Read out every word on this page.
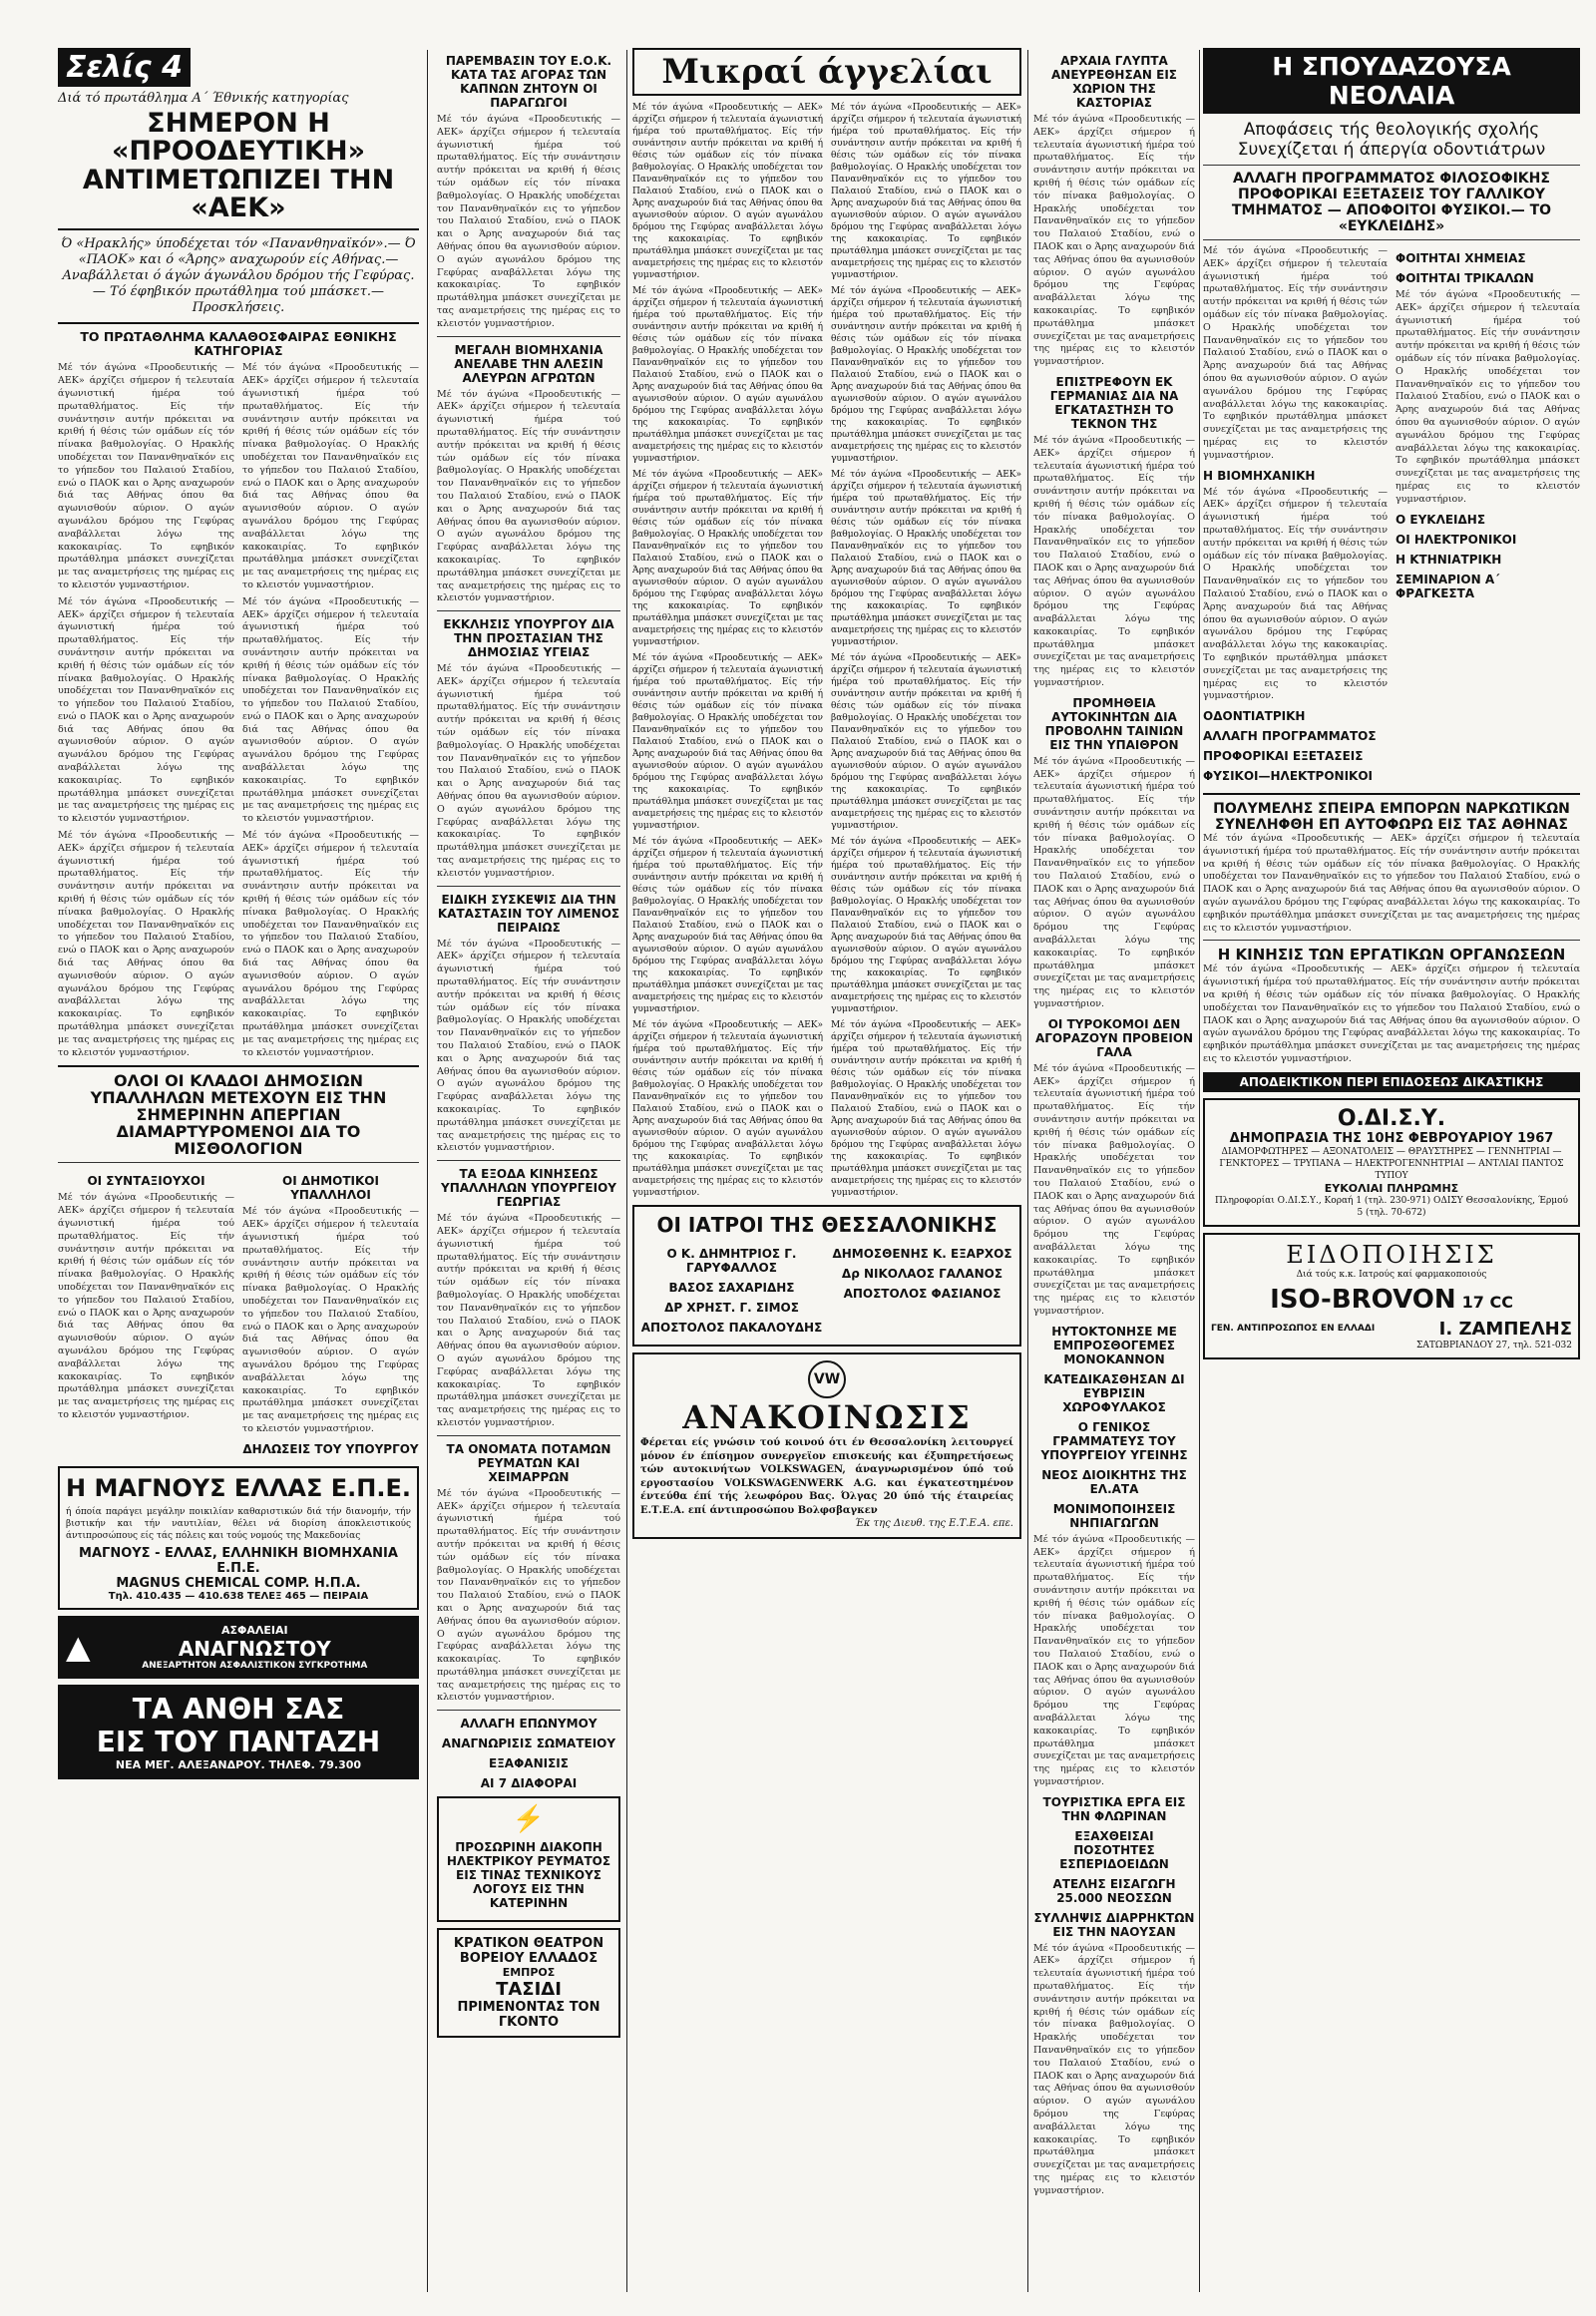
Σελίς 4
Διά τό πρωτάθλημα Α΄ Έθνικής κατηγορίας
ΣΗΜΕΡΟΝ Η «ΠΡΟΟΔΕΥΤΙΚΗ» ΑΝΤΙΜΕΤΩΠΙΖΕΙ ΤΗΝ «ΑΕΚ»
Ό «Ηρακλής» ύποδέχεται τόν «Πανανθηναϊκόν».— Ό «ΠΑΟΚ» και ό «Άρης» αναχωρούν είς Αθήνας.— Αναβάλλεται ό άγών άγωνάλου δρόμου τής Γεφύρας.— Τό έφηβικόν πρωτάθλημα τού μπάσκετ.— Προσκλήσεις.
ΤΟ ΠΡΩΤΑΘΛΗΜΑ ΚΑΛΑΘΟΣΦΑΙΡΑΣ ΕΘΝΙΚΗΣ ΚΑΤΗΓΟΡΙΑΣ
Μέ τόν άγώνα «Προοδευτικής — ΑΕΚ» άρχίζει σήμερον ή τελευταία άγωνιστική ήμέρα τού πρωταθλήματος. Είς τήν συνάντησιν αυτήν πρόκειται να κριθή ή θέσις τών ομάδων είς τόν πίνακα βαθμολογίας. Ο Ηρακλής υποδέχεται τον Πανανθηναϊκόν εις το γήπεδον του Παλαιού Σταδίου, ενώ ο ΠΑΟΚ και ο Άρης αναχωρούν διά τας Αθήνας όπου θα αγωνισθούν αύριον. Ο αγών αγωνάλου δρόμου της Γεφύρας αναβάλλεται λόγω της κακοκαιρίας. Το εφηβικόν πρωτάθλημα μπάσκετ συνεχίζεται με τας αναμετρήσεις της ημέρας εις το κλειστόν γυμναστήριον.
Μέ τόν άγώνα «Προοδευτικής — ΑΕΚ» άρχίζει σήμερον ή τελευταία άγωνιστική ήμέρα τού πρωταθλήματος. Είς τήν συνάντησιν αυτήν πρόκειται να κριθή ή θέσις τών ομάδων είς τόν πίνακα βαθμολογίας. Ο Ηρακλής υποδέχεται τον Πανανθηναϊκόν εις το γήπεδον του Παλαιού Σταδίου, ενώ ο ΠΑΟΚ και ο Άρης αναχωρούν διά τας Αθήνας όπου θα αγωνισθούν αύριον. Ο αγών αγωνάλου δρόμου της Γεφύρας αναβάλλεται λόγω της κακοκαιρίας. Το εφηβικόν πρωτάθλημα μπάσκετ συνεχίζεται με τας αναμετρήσεις της ημέρας εις το κλειστόν γυμναστήριον.
Μέ τόν άγώνα «Προοδευτικής — ΑΕΚ» άρχίζει σήμερον ή τελευταία άγωνιστική ήμέρα τού πρωταθλήματος. Είς τήν συνάντησιν αυτήν πρόκειται να κριθή ή θέσις τών ομάδων είς τόν πίνακα βαθμολογίας. Ο Ηρακλής υποδέχεται τον Πανανθηναϊκόν εις το γήπεδον του Παλαιού Σταδίου, ενώ ο ΠΑΟΚ και ο Άρης αναχωρούν διά τας Αθήνας όπου θα αγωνισθούν αύριον. Ο αγών αγωνάλου δρόμου της Γεφύρας αναβάλλεται λόγω της κακοκαιρίας. Το εφηβικόν πρωτάθλημα μπάσκετ συνεχίζεται με τας αναμετρήσεις της ημέρας εις το κλειστόν γυμναστήριον.
Μέ τόν άγώνα «Προοδευτικής — ΑΕΚ» άρχίζει σήμερον ή τελευταία άγωνιστική ήμέρα τού πρωταθλήματος. Είς τήν συνάντησιν αυτήν πρόκειται να κριθή ή θέσις τών ομάδων είς τόν πίνακα βαθμολογίας. Ο Ηρακλής υποδέχεται τον Πανανθηναϊκόν εις το γήπεδον του Παλαιού Σταδίου, ενώ ο ΠΑΟΚ και ο Άρης αναχωρούν διά τας Αθήνας όπου θα αγωνισθούν αύριον. Ο αγών αγωνάλου δρόμου της Γεφύρας αναβάλλεται λόγω της κακοκαιρίας. Το εφηβικόν πρωτάθλημα μπάσκετ συνεχίζεται με τας αναμετρήσεις της ημέρας εις το κλειστόν γυμναστήριον.
Μέ τόν άγώνα «Προοδευτικής — ΑΕΚ» άρχίζει σήμερον ή τελευταία άγωνιστική ήμέρα τού πρωταθλήματος. Είς τήν συνάντησιν αυτήν πρόκειται να κριθή ή θέσις τών ομάδων είς τόν πίνακα βαθμολογίας. Ο Ηρακλής υποδέχεται τον Πανανθηναϊκόν εις το γήπεδον του Παλαιού Σταδίου, ενώ ο ΠΑΟΚ και ο Άρης αναχωρούν διά τας Αθήνας όπου θα αγωνισθούν αύριον. Ο αγών αγωνάλου δρόμου της Γεφύρας αναβάλλεται λόγω της κακοκαιρίας. Το εφηβικόν πρωτάθλημα μπάσκετ συνεχίζεται με τας αναμετρήσεις της ημέρας εις το κλειστόν γυμναστήριον.
Μέ τόν άγώνα «Προοδευτικής — ΑΕΚ» άρχίζει σήμερον ή τελευταία άγωνιστική ήμέρα τού πρωταθλήματος. Είς τήν συνάντησιν αυτήν πρόκειται να κριθή ή θέσις τών ομάδων είς τόν πίνακα βαθμολογίας. Ο Ηρακλής υποδέχεται τον Πανανθηναϊκόν εις το γήπεδον του Παλαιού Σταδίου, ενώ ο ΠΑΟΚ και ο Άρης αναχωρούν διά τας Αθήνας όπου θα αγωνισθούν αύριον. Ο αγών αγωνάλου δρόμου της Γεφύρας αναβάλλεται λόγω της κακοκαιρίας. Το εφηβικόν πρωτάθλημα μπάσκετ συνεχίζεται με τας αναμετρήσεις της ημέρας εις το κλειστόν γυμναστήριον.
ΟΛΟΙ ΟΙ ΚΛΑΔΟΙ ΔΗΜΟΣΙΩΝ ΥΠΑΛΛΗΛΩΝ ΜΕΤΕΧΟΥΝ ΕΙΣ ΤΗΝ ΣΗΜΕΡΙΝΗΝ ΑΠΕΡΓΙΑΝ ΔΙΑΜΑΡΤΥΡΟΜΕΝΟΙ ΔΙΑ ΤΟ ΜΙΣΘΟΛΟΓΙΟΝ
ΟΙ ΣΥΝΤΑΞΙΟΥΧΟΙ
Μέ τόν άγώνα «Προοδευτικής — ΑΕΚ» άρχίζει σήμερον ή τελευταία άγωνιστική ήμέρα τού πρωταθλήματος. Είς τήν συνάντησιν αυτήν πρόκειται να κριθή ή θέσις τών ομάδων είς τόν πίνακα βαθμολογίας. Ο Ηρακλής υποδέχεται τον Πανανθηναϊκόν εις το γήπεδον του Παλαιού Σταδίου, ενώ ο ΠΑΟΚ και ο Άρης αναχωρούν διά τας Αθήνας όπου θα αγωνισθούν αύριον. Ο αγών αγωνάλου δρόμου της Γεφύρας αναβάλλεται λόγω της κακοκαιρίας. Το εφηβικόν πρωτάθλημα μπάσκετ συνεχίζεται με τας αναμετρήσεις της ημέρας εις το κλειστόν γυμναστήριον.
ΟΙ ΔΗΜΟΤΙΚΟΙ ΥΠΑΛΛΗΛΟΙ
Μέ τόν άγώνα «Προοδευτικής — ΑΕΚ» άρχίζει σήμερον ή τελευταία άγωνιστική ήμέρα τού πρωταθλήματος. Είς τήν συνάντησιν αυτήν πρόκειται να κριθή ή θέσις τών ομάδων είς τόν πίνακα βαθμολογίας. Ο Ηρακλής υποδέχεται τον Πανανθηναϊκόν εις το γήπεδον του Παλαιού Σταδίου, ενώ ο ΠΑΟΚ και ο Άρης αναχωρούν διά τας Αθήνας όπου θα αγωνισθούν αύριον. Ο αγών αγωνάλου δρόμου της Γεφύρας αναβάλλεται λόγω της κακοκαιρίας. Το εφηβικόν πρωτάθλημα μπάσκετ συνεχίζεται με τας αναμετρήσεις της ημέρας εις το κλειστόν γυμναστήριον.
ΔΗΛΩΣΕΙΣ ΤΟΥ ΥΠΟΥΡΓΟΥ
Η ΜΑΓΝΟΥΣ ΕΛΛΑΣ Ε.Π.Ε.
ή όποία παράγει μεγάλην ποικιλίαν καθαριστικών διά τήν διανομήν, τήν βιστικήν και τήν ναυτιλίαν, θέλει νά διορίση άποκλειστικούς άντιπροσώπους είς τάς πόλεις και τούς νομούς της Μακεδονίας
ΜΑΓΝΟΥΣ - ΕΛΛΑΣ, ΕΛΛΗΝΙΚΗ ΒΙΟΜΗΧΑΝΙΑ Ε.Π.Ε.
MAGNUS CHEMICAL COMP. Η.Π.Α.
Τηλ. 410.435 — 410.638 ΤΕΛΕΞ 465 — ΠΕΙΡΑΙΑ
▲	ΑΣΦΑΛΕΙΑΙ
ΑΝΑΓΝΩΣΤΟΥ
ΑΝΕΞΑΡΤΗΤΟΝ ΑΣΦΑΛΙΣΤΙΚΟΝ ΣΥΓΚΡΟΤΗΜΑ
ΤΑ ΑΝΘΗ ΣΑΣ
ΕΙΣ ΤΟΥ ΠΑΝΤΑΖΗ
ΝΕΑ ΜΕΓ. ΑΛΕΞΑΝΔΡΟΥ. ΤΗΛΕΦ. 79.300
ΠΑΡΕΜΒΑΣΙΝ ΤΟΥ Ε.Ο.Κ. ΚΑΤΑ ΤΑΣ ΑΓΟΡΑΣ ΤΩΝ ΚΑΠΝΩΝ ΖΗΤΟΥΝ ΟΙ ΠΑΡΑΓΩΓΟΙ
Μέ τόν άγώνα «Προοδευτικής — ΑΕΚ» άρχίζει σήμερον ή τελευταία άγωνιστική ήμέρα τού πρωταθλήματος. Είς τήν συνάντησιν αυτήν πρόκειται να κριθή ή θέσις τών ομάδων είς τόν πίνακα βαθμολογίας. Ο Ηρακλής υποδέχεται τον Πανανθηναϊκόν εις το γήπεδον του Παλαιού Σταδίου, ενώ ο ΠΑΟΚ και ο Άρης αναχωρούν διά τας Αθήνας όπου θα αγωνισθούν αύριον. Ο αγών αγωνάλου δρόμου της Γεφύρας αναβάλλεται λόγω της κακοκαιρίας. Το εφηβικόν πρωτάθλημα μπάσκετ συνεχίζεται με τας αναμετρήσεις της ημέρας εις το κλειστόν γυμναστήριον.
ΜΕΓΑΛΗ ΒΙΟΜΗΧΑΝΙΑ ΑΝΕΛΑΒΕ ΤΗΝ ΑΛΕΣΙΝ ΑΛΕΥΡΩΝ ΑΓΡΩΤΩΝ
Μέ τόν άγώνα «Προοδευτικής — ΑΕΚ» άρχίζει σήμερον ή τελευταία άγωνιστική ήμέρα τού πρωταθλήματος. Είς τήν συνάντησιν αυτήν πρόκειται να κριθή ή θέσις τών ομάδων είς τόν πίνακα βαθμολογίας. Ο Ηρακλής υποδέχεται τον Πανανθηναϊκόν εις το γήπεδον του Παλαιού Σταδίου, ενώ ο ΠΑΟΚ και ο Άρης αναχωρούν διά τας Αθήνας όπου θα αγωνισθούν αύριον. Ο αγών αγωνάλου δρόμου της Γεφύρας αναβάλλεται λόγω της κακοκαιρίας. Το εφηβικόν πρωτάθλημα μπάσκετ συνεχίζεται με τας αναμετρήσεις της ημέρας εις το κλειστόν γυμναστήριον.
ΕΚΚΛΗΣΙΣ ΥΠΟΥΡΓΟΥ ΔΙΑ ΤΗΝ ΠΡΟΣΤΑΣΙΑΝ ΤΗΣ ΔΗΜΟΣΙΑΣ ΥΓΕΙΑΣ
Μέ τόν άγώνα «Προοδευτικής — ΑΕΚ» άρχίζει σήμερον ή τελευταία άγωνιστική ήμέρα τού πρωταθλήματος. Είς τήν συνάντησιν αυτήν πρόκειται να κριθή ή θέσις τών ομάδων είς τόν πίνακα βαθμολογίας. Ο Ηρακλής υποδέχεται τον Πανανθηναϊκόν εις το γήπεδον του Παλαιού Σταδίου, ενώ ο ΠΑΟΚ και ο Άρης αναχωρούν διά τας Αθήνας όπου θα αγωνισθούν αύριον. Ο αγών αγωνάλου δρόμου της Γεφύρας αναβάλλεται λόγω της κακοκαιρίας. Το εφηβικόν πρωτάθλημα μπάσκετ συνεχίζεται με τας αναμετρήσεις της ημέρας εις το κλειστόν γυμναστήριον.
ΕΙΔΙΚΗ ΣΥΣΚΕΨΙΣ ΔΙΑ ΤΗΝ ΚΑΤΑΣΤΑΣΙΝ ΤΟΥ ΛΙΜΕΝΟΣ ΠΕΙΡΑΙΩΣ
Μέ τόν άγώνα «Προοδευτικής — ΑΕΚ» άρχίζει σήμερον ή τελευταία άγωνιστική ήμέρα τού πρωταθλήματος. Είς τήν συνάντησιν αυτήν πρόκειται να κριθή ή θέσις τών ομάδων είς τόν πίνακα βαθμολογίας. Ο Ηρακλής υποδέχεται τον Πανανθηναϊκόν εις το γήπεδον του Παλαιού Σταδίου, ενώ ο ΠΑΟΚ και ο Άρης αναχωρούν διά τας Αθήνας όπου θα αγωνισθούν αύριον. Ο αγών αγωνάλου δρόμου της Γεφύρας αναβάλλεται λόγω της κακοκαιρίας. Το εφηβικόν πρωτάθλημα μπάσκετ συνεχίζεται με τας αναμετρήσεις της ημέρας εις το κλειστόν γυμναστήριον.
ΤΑ ΕΞΟΔΑ ΚΙΝΗΣΕΩΣ ΥΠΑΛΛΗΛΩΝ ΥΠΟΥΡΓΕΙΟΥ ΓΕΩΡΓΙΑΣ
Μέ τόν άγώνα «Προοδευτικής — ΑΕΚ» άρχίζει σήμερον ή τελευταία άγωνιστική ήμέρα τού πρωταθλήματος. Είς τήν συνάντησιν αυτήν πρόκειται να κριθή ή θέσις τών ομάδων είς τόν πίνακα βαθμολογίας. Ο Ηρακλής υποδέχεται τον Πανανθηναϊκόν εις το γήπεδον του Παλαιού Σταδίου, ενώ ο ΠΑΟΚ και ο Άρης αναχωρούν διά τας Αθήνας όπου θα αγωνισθούν αύριον. Ο αγών αγωνάλου δρόμου της Γεφύρας αναβάλλεται λόγω της κακοκαιρίας. Το εφηβικόν πρωτάθλημα μπάσκετ συνεχίζεται με τας αναμετρήσεις της ημέρας εις το κλειστόν γυμναστήριον.
ΤΑ ΟΝΟΜΑΤΑ ΠΟΤΑΜΩΝ ΡΕΥΜΑΤΩΝ ΚΑΙ ΧΕΙΜΑΡΡΩΝ
Μέ τόν άγώνα «Προοδευτικής — ΑΕΚ» άρχίζει σήμερον ή τελευταία άγωνιστική ήμέρα τού πρωταθλήματος. Είς τήν συνάντησιν αυτήν πρόκειται να κριθή ή θέσις τών ομάδων είς τόν πίνακα βαθμολογίας. Ο Ηρακλής υποδέχεται τον Πανανθηναϊκόν εις το γήπεδον του Παλαιού Σταδίου, ενώ ο ΠΑΟΚ και ο Άρης αναχωρούν διά τας Αθήνας όπου θα αγωνισθούν αύριον. Ο αγών αγωνάλου δρόμου της Γεφύρας αναβάλλεται λόγω της κακοκαιρίας. Το εφηβικόν πρωτάθλημα μπάσκετ συνεχίζεται με τας αναμετρήσεις της ημέρας εις το κλειστόν γυμναστήριον.
ΑΛΛΑΓΗ ΕΠΩΝΥΜΟΥ
ΑΝΑΓΝΩΡΙΣΙΣ ΣΩΜΑΤΕΙΟΥ
ΕΞΑΦΑΝΙΣΙΣ
ΑΙ 7 ΔΙΑΦΟΡΑΙ
⚡
ΠΡΟΣΩΡΙΝΗ ΔΙΑΚΟΠΗ ΗΛΕΚΤΡΙΚΟΥ ΡΕΥΜΑΤΟΣ ΕΙΣ ΤΙΝΑΣ ΤΕΧΝΙΚΟΥΣ ΛΟΓΟΥΣ ΕΙΣ ΤΗΝ ΚΑΤΕΡΙΝΗΝ
ΚΡΑΤΙΚΟΝ ΘΕΑΤΡΟΝ ΒΟΡΕΙΟΥ ΕΛΛΑΔΟΣ
ΕΜΠΡΟΣ
ΤΑΣΙΔΙ
ΠΡΙΜΕΝΟΝΤΑΣ ΤΟΝ ΓΚΟΝΤΟ
Μικραί άγγελίαι
Μέ τόν άγώνα «Προοδευτικής — ΑΕΚ» άρχίζει σήμερον ή τελευταία άγωνιστική ήμέρα τού πρωταθλήματος. Είς τήν συνάντησιν αυτήν πρόκειται να κριθή ή θέσις τών ομάδων είς τόν πίνακα βαθμολογίας. Ο Ηρακλής υποδέχεται τον Πανανθηναϊκόν εις το γήπεδον του Παλαιού Σταδίου, ενώ ο ΠΑΟΚ και ο Άρης αναχωρούν διά τας Αθήνας όπου θα αγωνισθούν αύριον. Ο αγών αγωνάλου δρόμου της Γεφύρας αναβάλλεται λόγω της κακοκαιρίας. Το εφηβικόν πρωτάθλημα μπάσκετ συνεχίζεται με τας αναμετρήσεις της ημέρας εις το κλειστόν γυμναστήριον.
Μέ τόν άγώνα «Προοδευτικής — ΑΕΚ» άρχίζει σήμερον ή τελευταία άγωνιστική ήμέρα τού πρωταθλήματος. Είς τήν συνάντησιν αυτήν πρόκειται να κριθή ή θέσις τών ομάδων είς τόν πίνακα βαθμολογίας. Ο Ηρακλής υποδέχεται τον Πανανθηναϊκόν εις το γήπεδον του Παλαιού Σταδίου, ενώ ο ΠΑΟΚ και ο Άρης αναχωρούν διά τας Αθήνας όπου θα αγωνισθούν αύριον. Ο αγών αγωνάλου δρόμου της Γεφύρας αναβάλλεται λόγω της κακοκαιρίας. Το εφηβικόν πρωτάθλημα μπάσκετ συνεχίζεται με τας αναμετρήσεις της ημέρας εις το κλειστόν γυμναστήριον.
Μέ τόν άγώνα «Προοδευτικής — ΑΕΚ» άρχίζει σήμερον ή τελευταία άγωνιστική ήμέρα τού πρωταθλήματος. Είς τήν συνάντησιν αυτήν πρόκειται να κριθή ή θέσις τών ομάδων είς τόν πίνακα βαθμολογίας. Ο Ηρακλής υποδέχεται τον Πανανθηναϊκόν εις το γήπεδον του Παλαιού Σταδίου, ενώ ο ΠΑΟΚ και ο Άρης αναχωρούν διά τας Αθήνας όπου θα αγωνισθούν αύριον. Ο αγών αγωνάλου δρόμου της Γεφύρας αναβάλλεται λόγω της κακοκαιρίας. Το εφηβικόν πρωτάθλημα μπάσκετ συνεχίζεται με τας αναμετρήσεις της ημέρας εις το κλειστόν γυμναστήριον.
Μέ τόν άγώνα «Προοδευτικής — ΑΕΚ» άρχίζει σήμερον ή τελευταία άγωνιστική ήμέρα τού πρωταθλήματος. Είς τήν συνάντησιν αυτήν πρόκειται να κριθή ή θέσις τών ομάδων είς τόν πίνακα βαθμολογίας. Ο Ηρακλής υποδέχεται τον Πανανθηναϊκόν εις το γήπεδον του Παλαιού Σταδίου, ενώ ο ΠΑΟΚ και ο Άρης αναχωρούν διά τας Αθήνας όπου θα αγωνισθούν αύριον. Ο αγών αγωνάλου δρόμου της Γεφύρας αναβάλλεται λόγω της κακοκαιρίας. Το εφηβικόν πρωτάθλημα μπάσκετ συνεχίζεται με τας αναμετρήσεις της ημέρας εις το κλειστόν γυμναστήριον.
Μέ τόν άγώνα «Προοδευτικής — ΑΕΚ» άρχίζει σήμερον ή τελευταία άγωνιστική ήμέρα τού πρωταθλήματος. Είς τήν συνάντησιν αυτήν πρόκειται να κριθή ή θέσις τών ομάδων είς τόν πίνακα βαθμολογίας. Ο Ηρακλής υποδέχεται τον Πανανθηναϊκόν εις το γήπεδον του Παλαιού Σταδίου, ενώ ο ΠΑΟΚ και ο Άρης αναχωρούν διά τας Αθήνας όπου θα αγωνισθούν αύριον. Ο αγών αγωνάλου δρόμου της Γεφύρας αναβάλλεται λόγω της κακοκαιρίας. Το εφηβικόν πρωτάθλημα μπάσκετ συνεχίζεται με τας αναμετρήσεις της ημέρας εις το κλειστόν γυμναστήριον.
Μέ τόν άγώνα «Προοδευτικής — ΑΕΚ» άρχίζει σήμερον ή τελευταία άγωνιστική ήμέρα τού πρωταθλήματος. Είς τήν συνάντησιν αυτήν πρόκειται να κριθή ή θέσις τών ομάδων είς τόν πίνακα βαθμολογίας. Ο Ηρακλής υποδέχεται τον Πανανθηναϊκόν εις το γήπεδον του Παλαιού Σταδίου, ενώ ο ΠΑΟΚ και ο Άρης αναχωρούν διά τας Αθήνας όπου θα αγωνισθούν αύριον. Ο αγών αγωνάλου δρόμου της Γεφύρας αναβάλλεται λόγω της κακοκαιρίας. Το εφηβικόν πρωτάθλημα μπάσκετ συνεχίζεται με τας αναμετρήσεις της ημέρας εις το κλειστόν γυμναστήριον.
Μέ τόν άγώνα «Προοδευτικής — ΑΕΚ» άρχίζει σήμερον ή τελευταία άγωνιστική ήμέρα τού πρωταθλήματος. Είς τήν συνάντησιν αυτήν πρόκειται να κριθή ή θέσις τών ομάδων είς τόν πίνακα βαθμολογίας. Ο Ηρακλής υποδέχεται τον Πανανθηναϊκόν εις το γήπεδον του Παλαιού Σταδίου, ενώ ο ΠΑΟΚ και ο Άρης αναχωρούν διά τας Αθήνας όπου θα αγωνισθούν αύριον. Ο αγών αγωνάλου δρόμου της Γεφύρας αναβάλλεται λόγω της κακοκαιρίας. Το εφηβικόν πρωτάθλημα μπάσκετ συνεχίζεται με τας αναμετρήσεις της ημέρας εις το κλειστόν γυμναστήριον.
Μέ τόν άγώνα «Προοδευτικής — ΑΕΚ» άρχίζει σήμερον ή τελευταία άγωνιστική ήμέρα τού πρωταθλήματος. Είς τήν συνάντησιν αυτήν πρόκειται να κριθή ή θέσις τών ομάδων είς τόν πίνακα βαθμολογίας. Ο Ηρακλής υποδέχεται τον Πανανθηναϊκόν εις το γήπεδον του Παλαιού Σταδίου, ενώ ο ΠΑΟΚ και ο Άρης αναχωρούν διά τας Αθήνας όπου θα αγωνισθούν αύριον. Ο αγών αγωνάλου δρόμου της Γεφύρας αναβάλλεται λόγω της κακοκαιρίας. Το εφηβικόν πρωτάθλημα μπάσκετ συνεχίζεται με τας αναμετρήσεις της ημέρας εις το κλειστόν γυμναστήριον.
Μέ τόν άγώνα «Προοδευτικής — ΑΕΚ» άρχίζει σήμερον ή τελευταία άγωνιστική ήμέρα τού πρωταθλήματος. Είς τήν συνάντησιν αυτήν πρόκειται να κριθή ή θέσις τών ομάδων είς τόν πίνακα βαθμολογίας. Ο Ηρακλής υποδέχεται τον Πανανθηναϊκόν εις το γήπεδον του Παλαιού Σταδίου, ενώ ο ΠΑΟΚ και ο Άρης αναχωρούν διά τας Αθήνας όπου θα αγωνισθούν αύριον. Ο αγών αγωνάλου δρόμου της Γεφύρας αναβάλλεται λόγω της κακοκαιρίας. Το εφηβικόν πρωτάθλημα μπάσκετ συνεχίζεται με τας αναμετρήσεις της ημέρας εις το κλειστόν γυμναστήριον.
Μέ τόν άγώνα «Προοδευτικής — ΑΕΚ» άρχίζει σήμερον ή τελευταία άγωνιστική ήμέρα τού πρωταθλήματος. Είς τήν συνάντησιν αυτήν πρόκειται να κριθή ή θέσις τών ομάδων είς τόν πίνακα βαθμολογίας. Ο Ηρακλής υποδέχεται τον Πανανθηναϊκόν εις το γήπεδον του Παλαιού Σταδίου, ενώ ο ΠΑΟΚ και ο Άρης αναχωρούν διά τας Αθήνας όπου θα αγωνισθούν αύριον. Ο αγών αγωνάλου δρόμου της Γεφύρας αναβάλλεται λόγω της κακοκαιρίας. Το εφηβικόν πρωτάθλημα μπάσκετ συνεχίζεται με τας αναμετρήσεις της ημέρας εις το κλειστόν γυμναστήριον.
Μέ τόν άγώνα «Προοδευτικής — ΑΕΚ» άρχίζει σήμερον ή τελευταία άγωνιστική ήμέρα τού πρωταθλήματος. Είς τήν συνάντησιν αυτήν πρόκειται να κριθή ή θέσις τών ομάδων είς τόν πίνακα βαθμολογίας. Ο Ηρακλής υποδέχεται τον Πανανθηναϊκόν εις το γήπεδον του Παλαιού Σταδίου, ενώ ο ΠΑΟΚ και ο Άρης αναχωρούν διά τας Αθήνας όπου θα αγωνισθούν αύριον. Ο αγών αγωνάλου δρόμου της Γεφύρας αναβάλλεται λόγω της κακοκαιρίας. Το εφηβικόν πρωτάθλημα μπάσκετ συνεχίζεται με τας αναμετρήσεις της ημέρας εις το κλειστόν γυμναστήριον.
Μέ τόν άγώνα «Προοδευτικής — ΑΕΚ» άρχίζει σήμερον ή τελευταία άγωνιστική ήμέρα τού πρωταθλήματος. Είς τήν συνάντησιν αυτήν πρόκειται να κριθή ή θέσις τών ομάδων είς τόν πίνακα βαθμολογίας. Ο Ηρακλής υποδέχεται τον Πανανθηναϊκόν εις το γήπεδον του Παλαιού Σταδίου, ενώ ο ΠΑΟΚ και ο Άρης αναχωρούν διά τας Αθήνας όπου θα αγωνισθούν αύριον. Ο αγών αγωνάλου δρόμου της Γεφύρας αναβάλλεται λόγω της κακοκαιρίας. Το εφηβικόν πρωτάθλημα μπάσκετ συνεχίζεται με τας αναμετρήσεις της ημέρας εις το κλειστόν γυμναστήριον.
ΟΙ ΙΑΤΡΟΙ ΤΗΣ ΘΕΣΣΑΛΟΝΙΚΗΣ
Ο Κ. ΔΗΜΗΤΡΙΟΣ Γ. ΓΑΡΥΦΑΛΛΟΣ
ΒΑΣΟΣ ΣΑΧΑΡΙΔΗΣ
ΔΡ ΧΡΗΣΤ. Γ. ΣΙΜΟΣ
ΑΠΟΣΤΟΛΟΣ ΠΑΚΑΛΟΥΔΗΣ
ΔΗΜΟΣΘΕΝΗΣ Κ. ΕΞΑΡΧΟΣ
Δρ ΝΙΚΟΛΑΟΣ ΓΑΛΑΝΟΣ
ΑΠΟΣΤΟΛΟΣ ΦΑΣΙΑΝΟΣ
VW
ΑΝΑΚΟΙΝΩΣΙΣ
Φέρεται είς γνώσιν τού κοινού ότι έν Θεσσαλονίκη λειτουργεί μόνον έν έπίσημον συνεργεϊον επισκευής και έξυπηρετήσεως τών αυτοκινήτων VOLKSWAGEN, άναγνωρισμένον ύπό τού εργοστασίου VOLKSWAGENWERK A.G. και έγκατεστημένον έντεύθα έπί τής λεωφόρου Βας. Όλγας 20 ύπό τής έταιρείας Ε.Τ.Ε.Α. επί άντιπροσώπου Βολφσβαγκεν
Έκ της Διευθ. της Ε.Τ.Ε.Α. επε.
ΑΡΧΑΙΑ ΓΛΥΠΤΑ ΑΝΕΥΡΕΘΗΣΑΝ ΕΙΣ ΧΩΡΙΟΝ ΤΗΣ ΚΑΣΤΟΡΙΑΣ
Μέ τόν άγώνα «Προοδευτικής — ΑΕΚ» άρχίζει σήμερον ή τελευταία άγωνιστική ήμέρα τού πρωταθλήματος. Είς τήν συνάντησιν αυτήν πρόκειται να κριθή ή θέσις τών ομάδων είς τόν πίνακα βαθμολογίας. Ο Ηρακλής υποδέχεται τον Πανανθηναϊκόν εις το γήπεδον του Παλαιού Σταδίου, ενώ ο ΠΑΟΚ και ο Άρης αναχωρούν διά τας Αθήνας όπου θα αγωνισθούν αύριον. Ο αγών αγωνάλου δρόμου της Γεφύρας αναβάλλεται λόγω της κακοκαιρίας. Το εφηβικόν πρωτάθλημα μπάσκετ συνεχίζεται με τας αναμετρήσεις της ημέρας εις το κλειστόν γυμναστήριον.
ΕΠΙΣΤΡΕΦΟΥΝ ΕΚ ΓΕΡΜΑΝΙΑΣ ΔΙΑ ΝΑ ΕΓΚΑΤΑΣΤΗΣΗ ΤΟ ΤΕΚΝΟΝ ΤΗΣ
Μέ τόν άγώνα «Προοδευτικής — ΑΕΚ» άρχίζει σήμερον ή τελευταία άγωνιστική ήμέρα τού πρωταθλήματος. Είς τήν συνάντησιν αυτήν πρόκειται να κριθή ή θέσις τών ομάδων είς τόν πίνακα βαθμολογίας. Ο Ηρακλής υποδέχεται τον Πανανθηναϊκόν εις το γήπεδον του Παλαιού Σταδίου, ενώ ο ΠΑΟΚ και ο Άρης αναχωρούν διά τας Αθήνας όπου θα αγωνισθούν αύριον. Ο αγών αγωνάλου δρόμου της Γεφύρας αναβάλλεται λόγω της κακοκαιρίας. Το εφηβικόν πρωτάθλημα μπάσκετ συνεχίζεται με τας αναμετρήσεις της ημέρας εις το κλειστόν γυμναστήριον.
ΠΡΟΜΗΘΕΙΑ ΑΥΤΟΚΙΝΗΤΩΝ ΔΙΑ ΠΡΟΒΟΛΗΝ ΤΑΙΝΙΩΝ ΕΙΣ ΤΗΝ ΥΠΑΙΘΡΟΝ
Μέ τόν άγώνα «Προοδευτικής — ΑΕΚ» άρχίζει σήμερον ή τελευταία άγωνιστική ήμέρα τού πρωταθλήματος. Είς τήν συνάντησιν αυτήν πρόκειται να κριθή ή θέσις τών ομάδων είς τόν πίνακα βαθμολογίας. Ο Ηρακλής υποδέχεται τον Πανανθηναϊκόν εις το γήπεδον του Παλαιού Σταδίου, ενώ ο ΠΑΟΚ και ο Άρης αναχωρούν διά τας Αθήνας όπου θα αγωνισθούν αύριον. Ο αγών αγωνάλου δρόμου της Γεφύρας αναβάλλεται λόγω της κακοκαιρίας. Το εφηβικόν πρωτάθλημα μπάσκετ συνεχίζεται με τας αναμετρήσεις της ημέρας εις το κλειστόν γυμναστήριον.
ΟΙ ΤΥΡΟΚΟΜΟΙ ΔΕΝ ΑΓΟΡΑΖΟΥΝ ΠΡΟΒΕΙΟΝ ΓΑΛΑ
Μέ τόν άγώνα «Προοδευτικής — ΑΕΚ» άρχίζει σήμερον ή τελευταία άγωνιστική ήμέρα τού πρωταθλήματος. Είς τήν συνάντησιν αυτήν πρόκειται να κριθή ή θέσις τών ομάδων είς τόν πίνακα βαθμολογίας. Ο Ηρακλής υποδέχεται τον Πανανθηναϊκόν εις το γήπεδον του Παλαιού Σταδίου, ενώ ο ΠΑΟΚ και ο Άρης αναχωρούν διά τας Αθήνας όπου θα αγωνισθούν αύριον. Ο αγών αγωνάλου δρόμου της Γεφύρας αναβάλλεται λόγω της κακοκαιρίας. Το εφηβικόν πρωτάθλημα μπάσκετ συνεχίζεται με τας αναμετρήσεις της ημέρας εις το κλειστόν γυμναστήριον.
ΗΥΤΟΚΤΟΝΗΣΕ ΜΕ ΕΜΠΡΟΣΘΟΓΕΜΕΣ ΜΟΝΟΚΑΝΝΟΝ
ΚΑΤΕΔΙΚΑΣΘΗΣΑΝ ΔΙ ΕΥΒΡΙΣΙΝ ΧΩΡΟΦΥΛΑΚΟΣ
Ο ΓΕΝΙΚΟΣ ΓΡΑΜΜΑΤΕΥΣ ΤΟΥ ΥΠΟΥΡΓΕΙΟΥ ΥΓΕΙΝΗΣ
ΝΕΟΣ ΔΙΟΙΚΗΤΗΣ ΤΗΣ ΕΛ.ΑΤΑ
ΜΟΝΙΜΟΠΟΙΗΣΕΙΣ ΝΗΠΙΑΓΩΓΩΝ
Μέ τόν άγώνα «Προοδευτικής — ΑΕΚ» άρχίζει σήμερον ή τελευταία άγωνιστική ήμέρα τού πρωταθλήματος. Είς τήν συνάντησιν αυτήν πρόκειται να κριθή ή θέσις τών ομάδων είς τόν πίνακα βαθμολογίας. Ο Ηρακλής υποδέχεται τον Πανανθηναϊκόν εις το γήπεδον του Παλαιού Σταδίου, ενώ ο ΠΑΟΚ και ο Άρης αναχωρούν διά τας Αθήνας όπου θα αγωνισθούν αύριον. Ο αγών αγωνάλου δρόμου της Γεφύρας αναβάλλεται λόγω της κακοκαιρίας. Το εφηβικόν πρωτάθλημα μπάσκετ συνεχίζεται με τας αναμετρήσεις της ημέρας εις το κλειστόν γυμναστήριον.
ΤΟΥΡΙΣΤΙΚΑ ΕΡΓΑ ΕΙΣ ΤΗΝ ΦΛΩΡΙΝΑΝ
ΕΞΑΧΘΕΙΣΑΙ ΠΟΣΟΤΗΤΕΣ ΕΣΠΕΡΙΔΟΕΙΔΩΝ
ΑΤΕΛΗΣ ΕΙΣΑΓΩΓΗ 25.000 ΝΕΟΣΣΩΝ
ΣΥΛΛΗΨΙΣ ΔΙΑΡΡΗΚΤΩΝ ΕΙΣ ΤΗΝ ΝΑΟΥΣΑΝ
Μέ τόν άγώνα «Προοδευτικής — ΑΕΚ» άρχίζει σήμερον ή τελευταία άγωνιστική ήμέρα τού πρωταθλήματος. Είς τήν συνάντησιν αυτήν πρόκειται να κριθή ή θέσις τών ομάδων είς τόν πίνακα βαθμολογίας. Ο Ηρακλής υποδέχεται τον Πανανθηναϊκόν εις το γήπεδον του Παλαιού Σταδίου, ενώ ο ΠΑΟΚ και ο Άρης αναχωρούν διά τας Αθήνας όπου θα αγωνισθούν αύριον. Ο αγών αγωνάλου δρόμου της Γεφύρας αναβάλλεται λόγω της κακοκαιρίας. Το εφηβικόν πρωτάθλημα μπάσκετ συνεχίζεται με τας αναμετρήσεις της ημέρας εις το κλειστόν γυμναστήριον.
Η ΣΠΟΥΔΑΖΟΥΣΑ ΝΕΟΛΑΙΑ
Αποφάσεις τής θεολογικής σχολής
Συνεχίζεται ή άπεργία οδοντιάτρων
ΑΛΛΑΓΗ ΠΡΟΓΡΑΜΜΑΤΟΣ ΦΙΛΟΣΟΦΙΚΗΣ ΠΡΟΦΟΡΙΚΑΙ ΕΞΕΤΑΣΕΙΣ ΤΟΥ ΓΑΛΛΙΚΟΥ ΤΜΗΜΑΤΟΣ — ΑΠΟΦΟΙΤΟΙ ΦΥΣΙΚΟΙ.— ΤΟ «ΕΥΚΛΕΙΔΗΣ»
Μέ τόν άγώνα «Προοδευτικής — ΑΕΚ» άρχίζει σήμερον ή τελευταία άγωνιστική ήμέρα τού πρωταθλήματος. Είς τήν συνάντησιν αυτήν πρόκειται να κριθή ή θέσις τών ομάδων είς τόν πίνακα βαθμολογίας. Ο Ηρακλής υποδέχεται τον Πανανθηναϊκόν εις το γήπεδον του Παλαιού Σταδίου, ενώ ο ΠΑΟΚ και ο Άρης αναχωρούν διά τας Αθήνας όπου θα αγωνισθούν αύριον. Ο αγών αγωνάλου δρόμου της Γεφύρας αναβάλλεται λόγω της κακοκαιρίας. Το εφηβικόν πρωτάθλημα μπάσκετ συνεχίζεται με τας αναμετρήσεις της ημέρας εις το κλειστόν γυμναστήριον.
Η ΒΙΟΜΗΧΑΝΙΚΗ
Μέ τόν άγώνα «Προοδευτικής — ΑΕΚ» άρχίζει σήμερον ή τελευταία άγωνιστική ήμέρα τού πρωταθλήματος. Είς τήν συνάντησιν αυτήν πρόκειται να κριθή ή θέσις τών ομάδων είς τόν πίνακα βαθμολογίας. Ο Ηρακλής υποδέχεται τον Πανανθηναϊκόν εις το γήπεδον του Παλαιού Σταδίου, ενώ ο ΠΑΟΚ και ο Άρης αναχωρούν διά τας Αθήνας όπου θα αγωνισθούν αύριον. Ο αγών αγωνάλου δρόμου της Γεφύρας αναβάλλεται λόγω της κακοκαιρίας. Το εφηβικόν πρωτάθλημα μπάσκετ συνεχίζεται με τας αναμετρήσεις της ημέρας εις το κλειστόν γυμναστήριον.
ΟΔΟΝΤΙΑΤΡΙΚΗ
ΑΛΛΑΓΗ ΠΡΟΓΡΑΜΜΑΤΟΣ
ΠΡΟΦΟΡΙΚΑΙ ΕΞΕΤΑΣΕΙΣ
ΦΥΣΙΚΟΙ—ΗΛΕΚΤΡΟΝΙΚΟΙ
ΦΟΙΤΗΤΑΙ ΧΗΜΕΙΑΣ
ΦΟΙΤΗΤΑΙ ΤΡΙΚΑΛΩΝ
Μέ τόν άγώνα «Προοδευτικής — ΑΕΚ» άρχίζει σήμερον ή τελευταία άγωνιστική ήμέρα τού πρωταθλήματος. Είς τήν συνάντησιν αυτήν πρόκειται να κριθή ή θέσις τών ομάδων είς τόν πίνακα βαθμολογίας. Ο Ηρακλής υποδέχεται τον Πανανθηναϊκόν εις το γήπεδον του Παλαιού Σταδίου, ενώ ο ΠΑΟΚ και ο Άρης αναχωρούν διά τας Αθήνας όπου θα αγωνισθούν αύριον. Ο αγών αγωνάλου δρόμου της Γεφύρας αναβάλλεται λόγω της κακοκαιρίας. Το εφηβικόν πρωτάθλημα μπάσκετ συνεχίζεται με τας αναμετρήσεις της ημέρας εις το κλειστόν γυμναστήριον.
Ο ΕΥΚΛΕΙΔΗΣ
ΟΙ ΗΛΕΚΤΡΟΝΙΚΟΙ
Η ΚΤΗΝΙΑΤΡΙΚΗ
ΣΕΜΙΝΑΡΙΟΝ Α΄ ΦΡΑΓΚΕΣΤΑ
ΠΟΛΥΜΕΛΗΣ ΣΠΕΙΡΑ ΕΜΠΟΡΩΝ ΝΑΡΚΩΤΙΚΩΝ ΣΥΝΕΛΗΦΘΗ ΕΠ ΑΥΤΟΦΩΡΩ ΕΙΣ ΤΑΣ ΑΘΗΝΑΣ
Μέ τόν άγώνα «Προοδευτικής — ΑΕΚ» άρχίζει σήμερον ή τελευταία άγωνιστική ήμέρα τού πρωταθλήματος. Είς τήν συνάντησιν αυτήν πρόκειται να κριθή ή θέσις τών ομάδων είς τόν πίνακα βαθμολογίας. Ο Ηρακλής υποδέχεται τον Πανανθηναϊκόν εις το γήπεδον του Παλαιού Σταδίου, ενώ ο ΠΑΟΚ και ο Άρης αναχωρούν διά τας Αθήνας όπου θα αγωνισθούν αύριον. Ο αγών αγωνάλου δρόμου της Γεφύρας αναβάλλεται λόγω της κακοκαιρίας. Το εφηβικόν πρωτάθλημα μπάσκετ συνεχίζεται με τας αναμετρήσεις της ημέρας εις το κλειστόν γυμναστήριον.
Η ΚΙΝΗΣΙΣ ΤΩΝ ΕΡΓΑΤΙΚΩΝ ΟΡΓΑΝΩΣΕΩΝ
Μέ τόν άγώνα «Προοδευτικής — ΑΕΚ» άρχίζει σήμερον ή τελευταία άγωνιστική ήμέρα τού πρωταθλήματος. Είς τήν συνάντησιν αυτήν πρόκειται να κριθή ή θέσις τών ομάδων είς τόν πίνακα βαθμολογίας. Ο Ηρακλής υποδέχεται τον Πανανθηναϊκόν εις το γήπεδον του Παλαιού Σταδίου, ενώ ο ΠΑΟΚ και ο Άρης αναχωρούν διά τας Αθήνας όπου θα αγωνισθούν αύριον. Ο αγών αγωνάλου δρόμου της Γεφύρας αναβάλλεται λόγω της κακοκαιρίας. Το εφηβικόν πρωτάθλημα μπάσκετ συνεχίζεται με τας αναμετρήσεις της ημέρας εις το κλειστόν γυμναστήριον.
ΑΠΟΔΕΙΚΤΙΚΟΝ ΠΕΡΙ ΕΠΙΔΟΣΕΩΣ ΔΙΚΑΣΤΙΚΗΣ
Ο.ΔΙ.Σ.Υ.
ΔΗΜΟΠΡΑΣΙΑ ΤΗΣ 10ΗΣ ΦΕΒΡΟΥΑΡΙΟΥ 1967
ΔΙΑΜΟΡΦΩΤΗΡΕΣ — ΑΞΟΝΑΤΟΛΕΙΣ — ΘΡΑΥΣΤΗΡΕΣ — ΓΕΝΝΗΤΡΙΑΙ — ΓΕΝΚΤΟΡΕΣ — ΤΡΥΠΑΝΑ — ΗΛΕΚΤΡΟΓΕΝΝΗΤΡΙΑΙ — ΑΝΤΛΙΑΙ ΠΑΝΤΟΣ ΤΥΠΟΥ
ΕΥΚΟΛΙΑΙ ΠΛΗΡΩΜΗΣ
Πληροφορίαι Ο.ΔΙ.Σ.Υ., Κοραή 1 (τηλ. 230-971) ΟΔΙΣΥ Θεσσαλονίκης, Έρμού 5 (τηλ. 70-672)
ΕΙΔΟΠΟΙΗΣΙΣ
Διά τούς κ.κ. Ιατρούς καί φαρμακοποιούς
ISO-BROVON 17 CC
ΓΕΝ. ΑΝΤΙΠΡΟΣΩΠΟΣ ΕΝ ΕΛΛΑΔΙ	Ι. ΖΑΜΠΕΛΗΣ
ΣΑΤΩΒΡΙΑΝΔΟΥ 27, τηλ. 521-032
